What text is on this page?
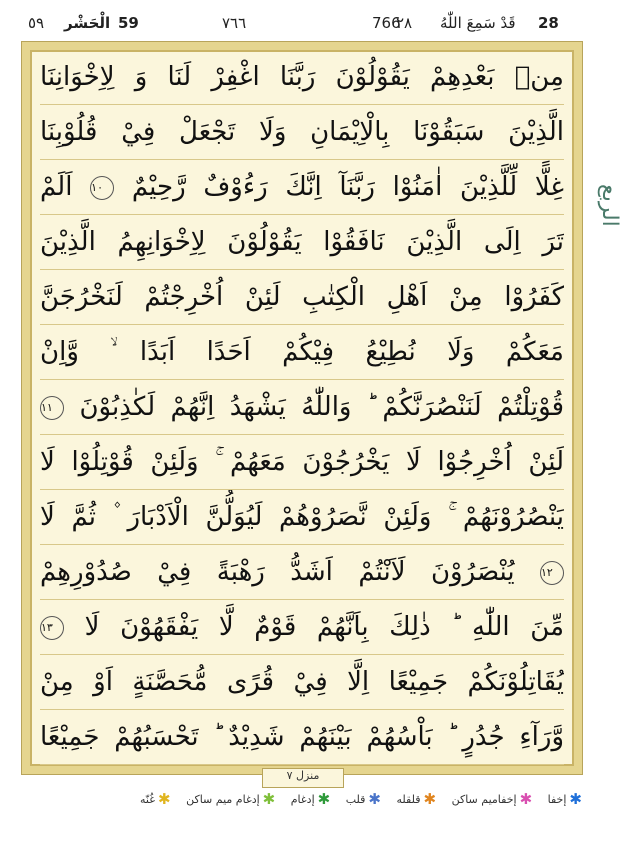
28
قَدْ سَمِعَ اللّٰهُ
٢٨
766
٧٦٦
59
الْحَشْر
٥٩
الربع
مِنۢ بَعْدِهِمْ يَقُوْلُوْنَ رَبَّنَا اغْفِرْ لَنَا وَ لِاِخْوَانِنَا
الَّذِيْنَ سَبَقُوْنَا بِالْاِيْمَانِ وَلَا تَجْعَلْ فِيْ قُلُوْبِنَا
غِلًّا لِّلَّذِيْنَ اٰمَنُوْا رَبَّنَآ اِنَّكَ رَءُوْفٌ رَّحِيْمٌ ١٠ اَلَمْ
تَرَ اِلَى الَّذِيْنَ نَافَقُوْا يَقُوْلُوْنَ لِاِخْوَانِهِمُ الَّذِيْنَ
كَفَرُوْا مِنْ اَهْلِ الْكِتٰبِ لَئِنْ اُخْرِجْتُمْ لَنَخْرُجَنَّ
مَعَكُمْ وَلَا نُطِيْعُ فِيْكُمْ اَحَدًا اَبَدًا ۙ وَّاِنْ
قُوْتِلْتُمْ لَنَنْصُرَنَّكُمْ ؕ وَاللّٰهُ يَشْهَدُ اِنَّهُمْ لَكٰذِبُوْنَ ١١
لَئِنْ اُخْرِجُوْا لَا يَخْرُجُوْنَ مَعَهُمْ ۚ وَلَئِنْ قُوْتِلُوْا لَا
يَنْصُرُوْنَهُمْ ۚ وَلَئِنْ نَّصَرُوْهُمْ لَيُوَلُّنَّ الْاَدْبَارَ ۫ ثُمَّ لَا
١٢ يُنْصَرُوْنَ لَاَنْتُمْ اَشَدُّ رَهْبَةً فِيْ صُدُوْرِهِمْ
مِّنَ اللّٰهِ ؕ ذٰلِكَ بِاَنَّهُمْ قَوْمٌ لَّا يَفْقَهُوْنَ لَا ١٣
يُقَاتِلُوْنَكُمْ جَمِيْعًا اِلَّا فِيْ قُرًى مُّحَصَّنَةٍ اَوْ مِنْ
وَّرَآءِ جُدُرٍ ؕ بَاْسُهُمْ بَيْنَهُمْ شَدِيْدٌ ؕ تَحْسَبُهُمْ جَمِيْعًا
منزل ٧
✱
إخفا

✱
إخفاميم ساكن

✱
قلقله

✱
قلب

✱
إدغام

✱
إدغام ميم ساكن

✱
غُنّه
